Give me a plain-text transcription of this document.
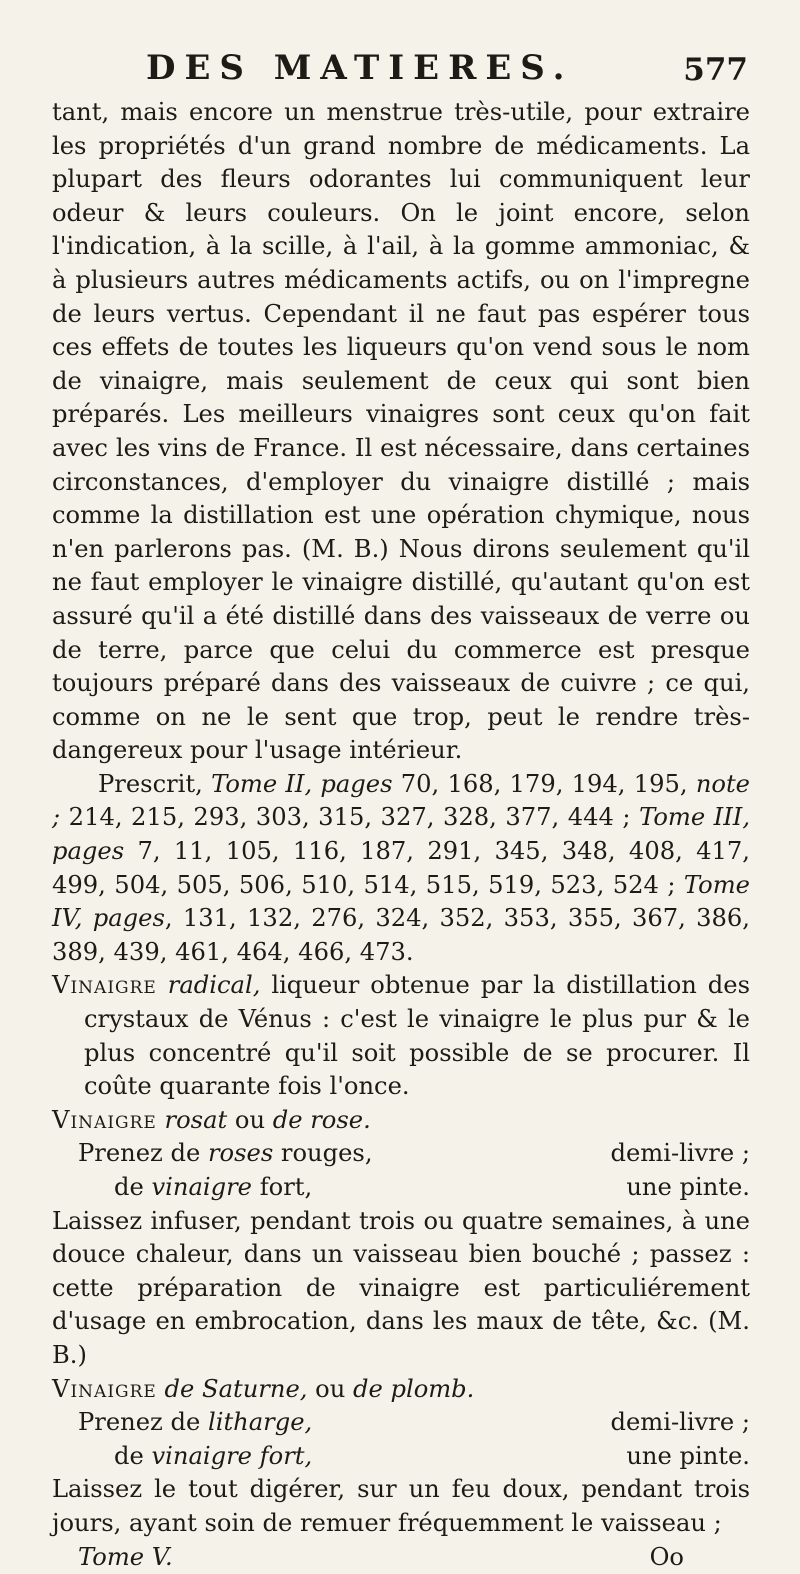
DES MATIERES.	577

tant, mais encore un menstrue très-utile, pour extraire les propriétés d'un grand nombre de médicaments. La plupart des fleurs odorantes lui communiquent leur odeur & leurs couleurs. On le joint encore, selon l'indication, à la scille, à l'ail, à la gomme ammoniac, & à plusieurs autres médicaments actifs, ou on l'impregne de leurs vertus. Cependant il ne faut pas espérer tous ces effets de toutes les liqueurs qu'on vend sous le nom de vinaigre, mais seulement de ceux qui sont bien préparés. Les meilleurs vinaigres sont ceux qu'on fait avec les vins de France. Il est nécessaire, dans certaines circonstances, d'employer du vinaigre distillé ; mais comme la distillation est une opération chymique, nous n'en parlerons pas. (M. B.) Nous dirons seulement qu'il ne faut employer le vinaigre distillé, qu'autant qu'on est assuré qu'il a été distillé dans des vaisseaux de verre ou de terre, parce que celui du commerce est presque toujours préparé dans des vaisseaux de cuivre ; ce qui, comme on ne le sent que trop, peut le rendre très-dangereux pour l'usage intérieur.

Prescrit, Tome II, pages 70, 168, 179, 194, 195, note ; 214, 215, 293, 303, 315, 327, 328, 377, 444 ; Tome III, pages 7, 11, 105, 116, 187, 291, 345, 348, 408, 417, 499, 504, 505, 506, 510, 514, 515, 519, 523, 524 ; Tome IV, pages, 131, 132, 276, 324, 352, 353, 355, 367, 386, 389, 439, 461, 464, 466, 473.

Vinaigre radical, liqueur obtenue par la distillation des crystaux de Vénus : c'est le vinaigre le plus pur & le plus concentré qu'il soit possible de se procurer. Il coûte quarante fois l'once.

Vinaigre rosat ou de rose.

Prenez de roses rouges,	demi-livre ;
de vinaigre fort,	une pinte.

Laissez infuser, pendant trois ou quatre semaines, à une douce chaleur, dans un vaisseau bien bouché ; passez : cette préparation de vinaigre est particuliérement d'usage en embrocation, dans les maux de tête, &c. (M. B.)

Vinaigre de Saturne, ou de plomb.

Prenez de litharge,	demi-livre ;
de vinaigre fort,	une pinte.

Laissez le tout digérer, sur un feu doux, pendant trois jours, ayant soin de remuer fréquemment le vaisseau ;

Tome V.	Oo
